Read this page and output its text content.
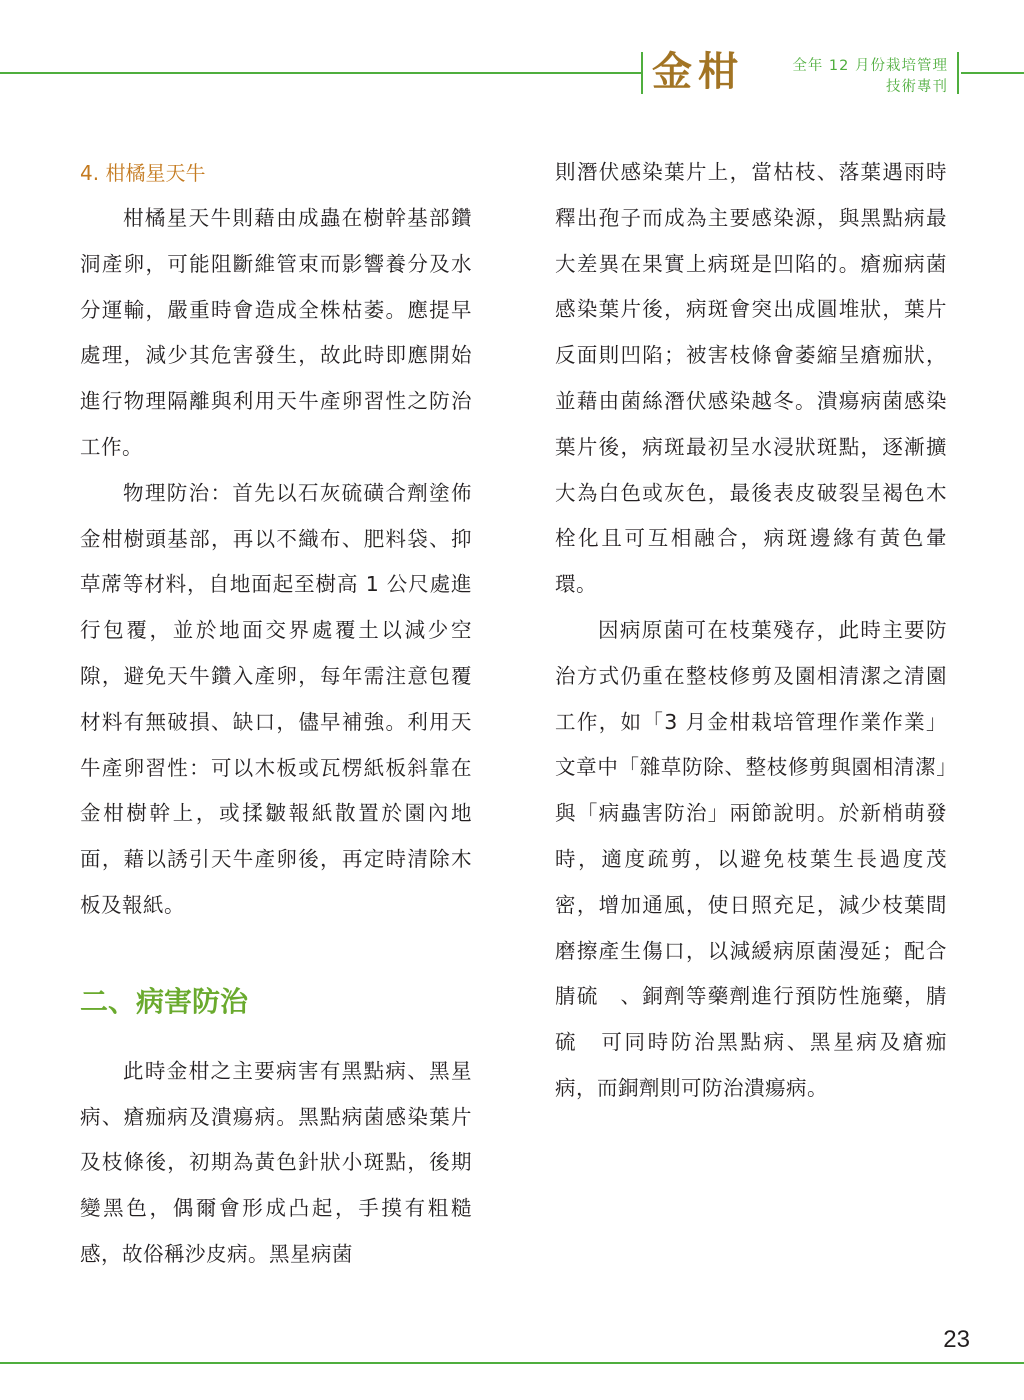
金柑	全年 12 月份栽培管理
技術專刊

4. 柑橘星天牛

柑橘星天牛則藉由成蟲在樹幹基部鑽洞產卵，可能阻斷維管束而影響養分及水分運輸，嚴重時會造成全株枯萎。應提早處理，減少其危害發生，故此時即應開始進行物理隔離與利用天牛產卵習性之防治工作。

物理防治：首先以石灰硫磺合劑塗佈金柑樹頭基部，再以不織布、肥料袋、抑草蓆等材料，自地面起至樹高 1 公尺處進行包覆，並於地面交界處覆土以減少空隙，避免天牛鑽入產卵，每年需注意包覆材料有無破損、缺口，儘早補強。利用天牛產卵習性：可以木板或瓦楞紙板斜靠在金柑樹幹上，或揉皺報紙散置於園內地面，藉以誘引天牛產卵後，再定時清除木板及報紙。

二、病害防治

此時金柑之主要病害有黑點病、黑星病、瘡痂病及潰瘍病。黑點病菌感染葉片及枝條後，初期為黃色針狀小斑點，後期變黑色，偶爾會形成凸起，手摸有粗糙感，故俗稱沙皮病。黑星病菌

則潛伏感染葉片上，當枯枝、落葉遇雨時釋出孢子而成為主要感染源，與黑點病最大差異在果實上病斑是凹陷的。瘡痂病菌感染葉片後，病斑會突出成圓堆狀，葉片反面則凹陷；被害枝條會萎縮呈瘡痂狀，並藉由菌絲潛伏感染越冬。潰瘍病菌感染葉片後，病斑最初呈水浸狀斑點，逐漸擴大為白色或灰色，最後表皮破裂呈褐色木栓化且可互相融合，病斑邊緣有黃色暈環。

因病原菌可在枝葉殘存，此時主要防治方式仍重在整枝修剪及園相清潔之清園工作，如「3 月金柑栽培管理作業作業」文章中「雜草防除、整枝修剪與園相清潔」與「病蟲害防治」兩節說明。於新梢萌發時，適度疏剪，以避免枝葉生長過度茂密，增加通風，使日照充足，減少枝葉間磨擦產生傷口，以減緩病原菌漫延；配合腈硫　、銅劑等藥劑進行預防性施藥，腈硫　可同時防治黑點病、黑星病及瘡痂病，而銅劑則可防治潰瘍病。

23
